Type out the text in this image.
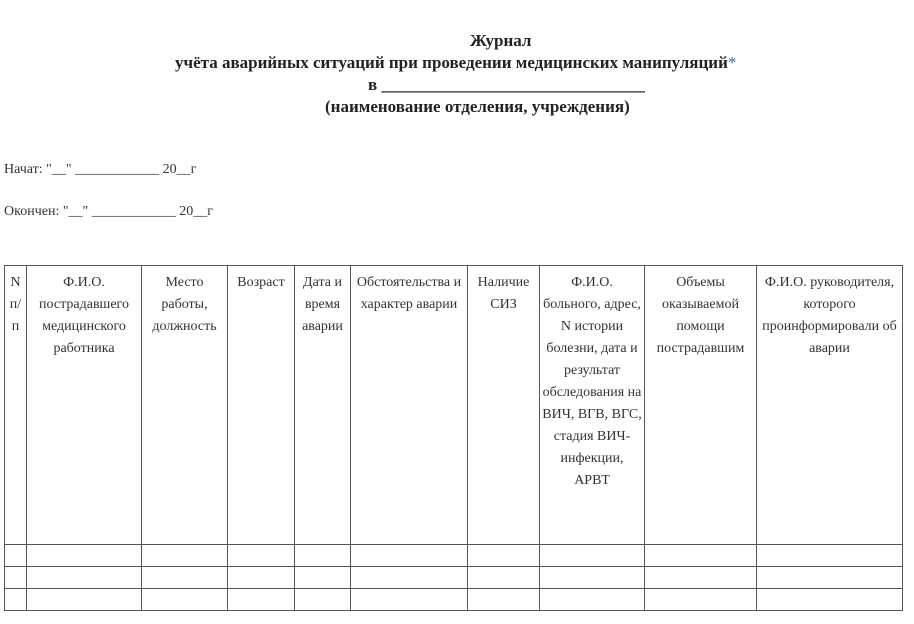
Журнал
учёта аварийных ситуаций при проведении медицинских манипуляций*
в _______________________________
(наименование отделения, учреждения)
Начат: "__" ____________ 20__г
Окончен: "__" ____________ 20__г
N п/п	Ф.И.О. пострадавшего медицинского работника	Место работы, должность	Возраст	Дата и время аварии	Обстоятельства и характер аварии	Наличие СИЗ	Ф.И.О. больного, адрес, N истории болезни, дата и результат обследования на ВИЧ, ВГВ, ВГС, стадия ВИЧ-инфекции, АРВТ	Объемы оказываемой помощи пострадавшим	Ф.И.О. руководителя, которого проинформировали об аварии
